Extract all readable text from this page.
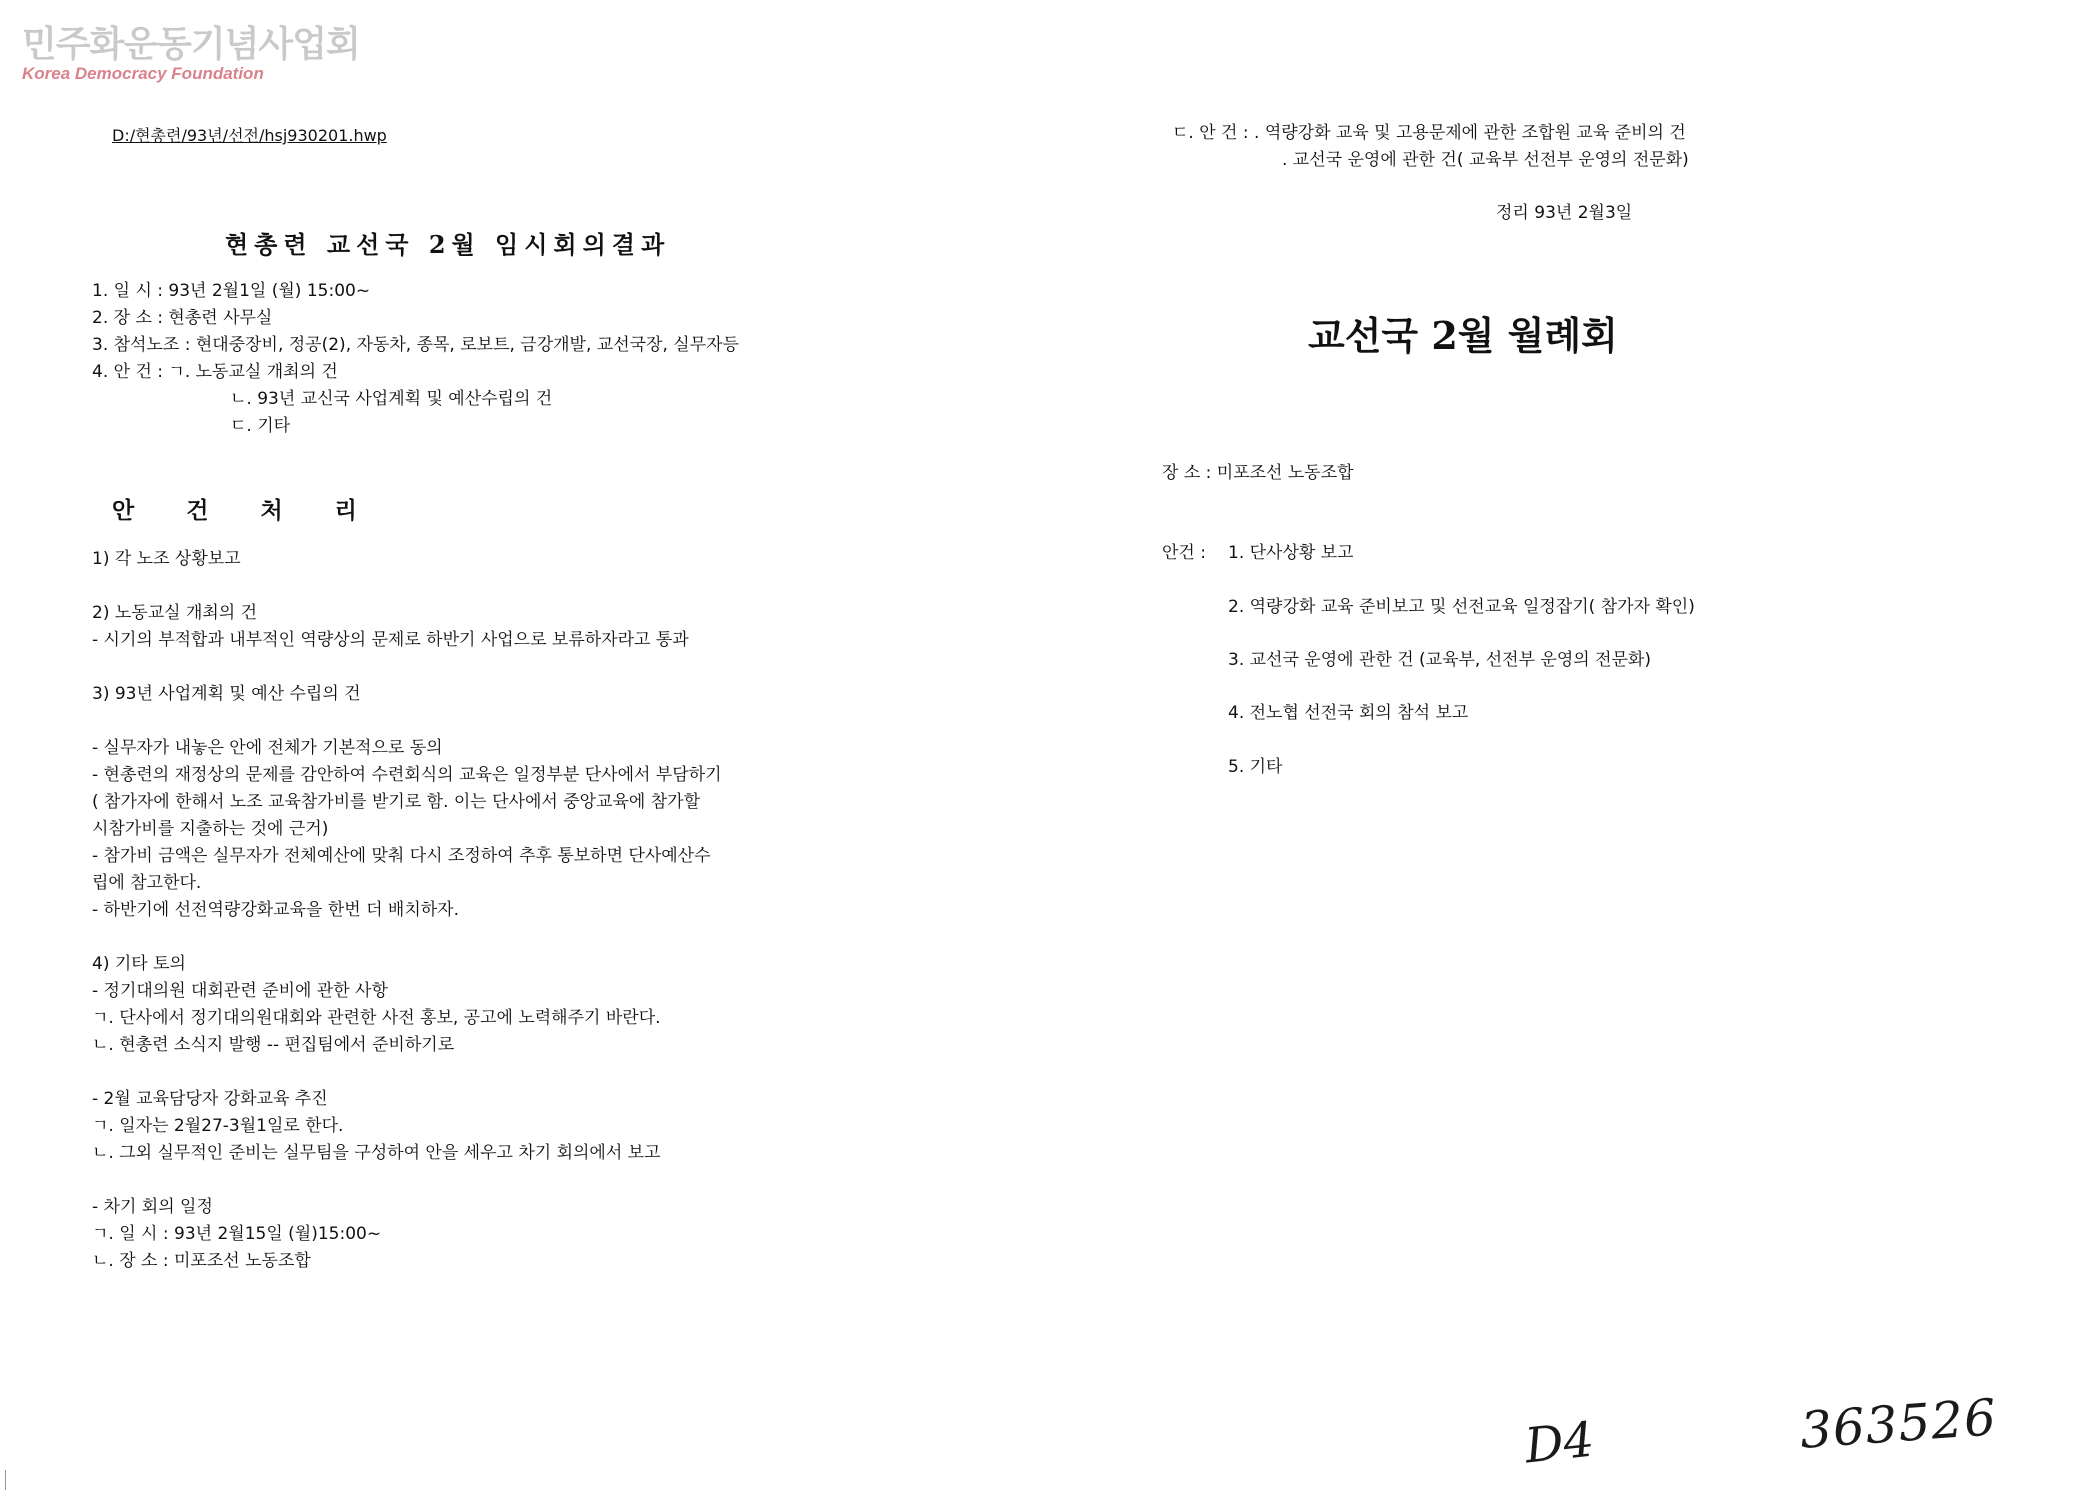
민주화운동기념사업회
Korea Democracy Foundation
D:/현총련/93년/선전/hsj930201.hwp
현총련 교선국 2월 임시회의결과
1. 일 시 : 93년 2월1일 (월) 15:00~
2. 장 소 : 현총련 사무실
3. 참석노조 : 현대중장비, 정공(2), 자동차, 종목, 로보트, 금강개발, 교선국장, 실무자등
4. 안 건 : ㄱ. 노동교실 개최의 건
ㄴ. 93년 교신국 사업계획 및 예산수립의 건
ㄷ. 기타
안 건 처 리
1) 각 노조 상황보고

2) 노동교실 개최의 건
- 시기의 부적합과 내부적인 역량상의 문제로 하반기 사업으로 보류하자라고 통과

3) 93년 사업계획 및 예산 수립의 건

- 실무자가 내놓은 안에 전체가 기본적으로 동의
- 현총련의 재정상의 문제를 감안하여 수련회식의 교육은 일정부분 단사에서 부담하기
( 참가자에 한해서 노조 교육참가비를 받기로 함. 이는 단사에서 중앙교육에 참가할
시참가비를 지출하는 것에 근거)
- 참가비 금액은 실무자가 전체예산에 맞춰 다시 조정하여 추후 통보하면 단사예산수
립에 참고한다.
- 하반기에 선전역량강화교육을 한번 더 배치하자.

4) 기타 토의
- 정기대의원 대회관련 준비에 관한 사항
ㄱ. 단사에서 정기대의원대회와 관련한 사전 홍보, 공고에 노력해주기 바란다.
ㄴ. 현총련 소식지 발행 -- 편집팀에서 준비하기로

- 2월 교육담당자 강화교육 추진
ㄱ. 일자는 2월27-3월1일로 한다.
ㄴ. 그외 실무적인 준비는 실무팀을 구성하여 안을 세우고 차기 회의에서 보고

- 차기 회의 일정
ㄱ. 일 시 : 93년 2월15일 (월)15:00~
ㄴ. 장 소 : 미포조선 노동조합
ㄷ. 안 건 : . 역량강화 교육 및 고용문제에 관한 조합원 교육 준비의 건
. 교선국 운영에 관한 건( 교육부 선전부 운영의 전문화)
정리 93년 2월3일
교선국 2월 월례회
장 소 : 미포조선 노동조합
안건 : 1. 단사상황 보고
2. 역량강화 교육 준비보고 및 선전교육 일정잡기( 참가자 확인)
3. 교선국 운영에 관한 건 (교육부, 선전부 운영의 전문화)
4. 전노협 선전국 회의 참석 보고
5. 기타
D4	363526
